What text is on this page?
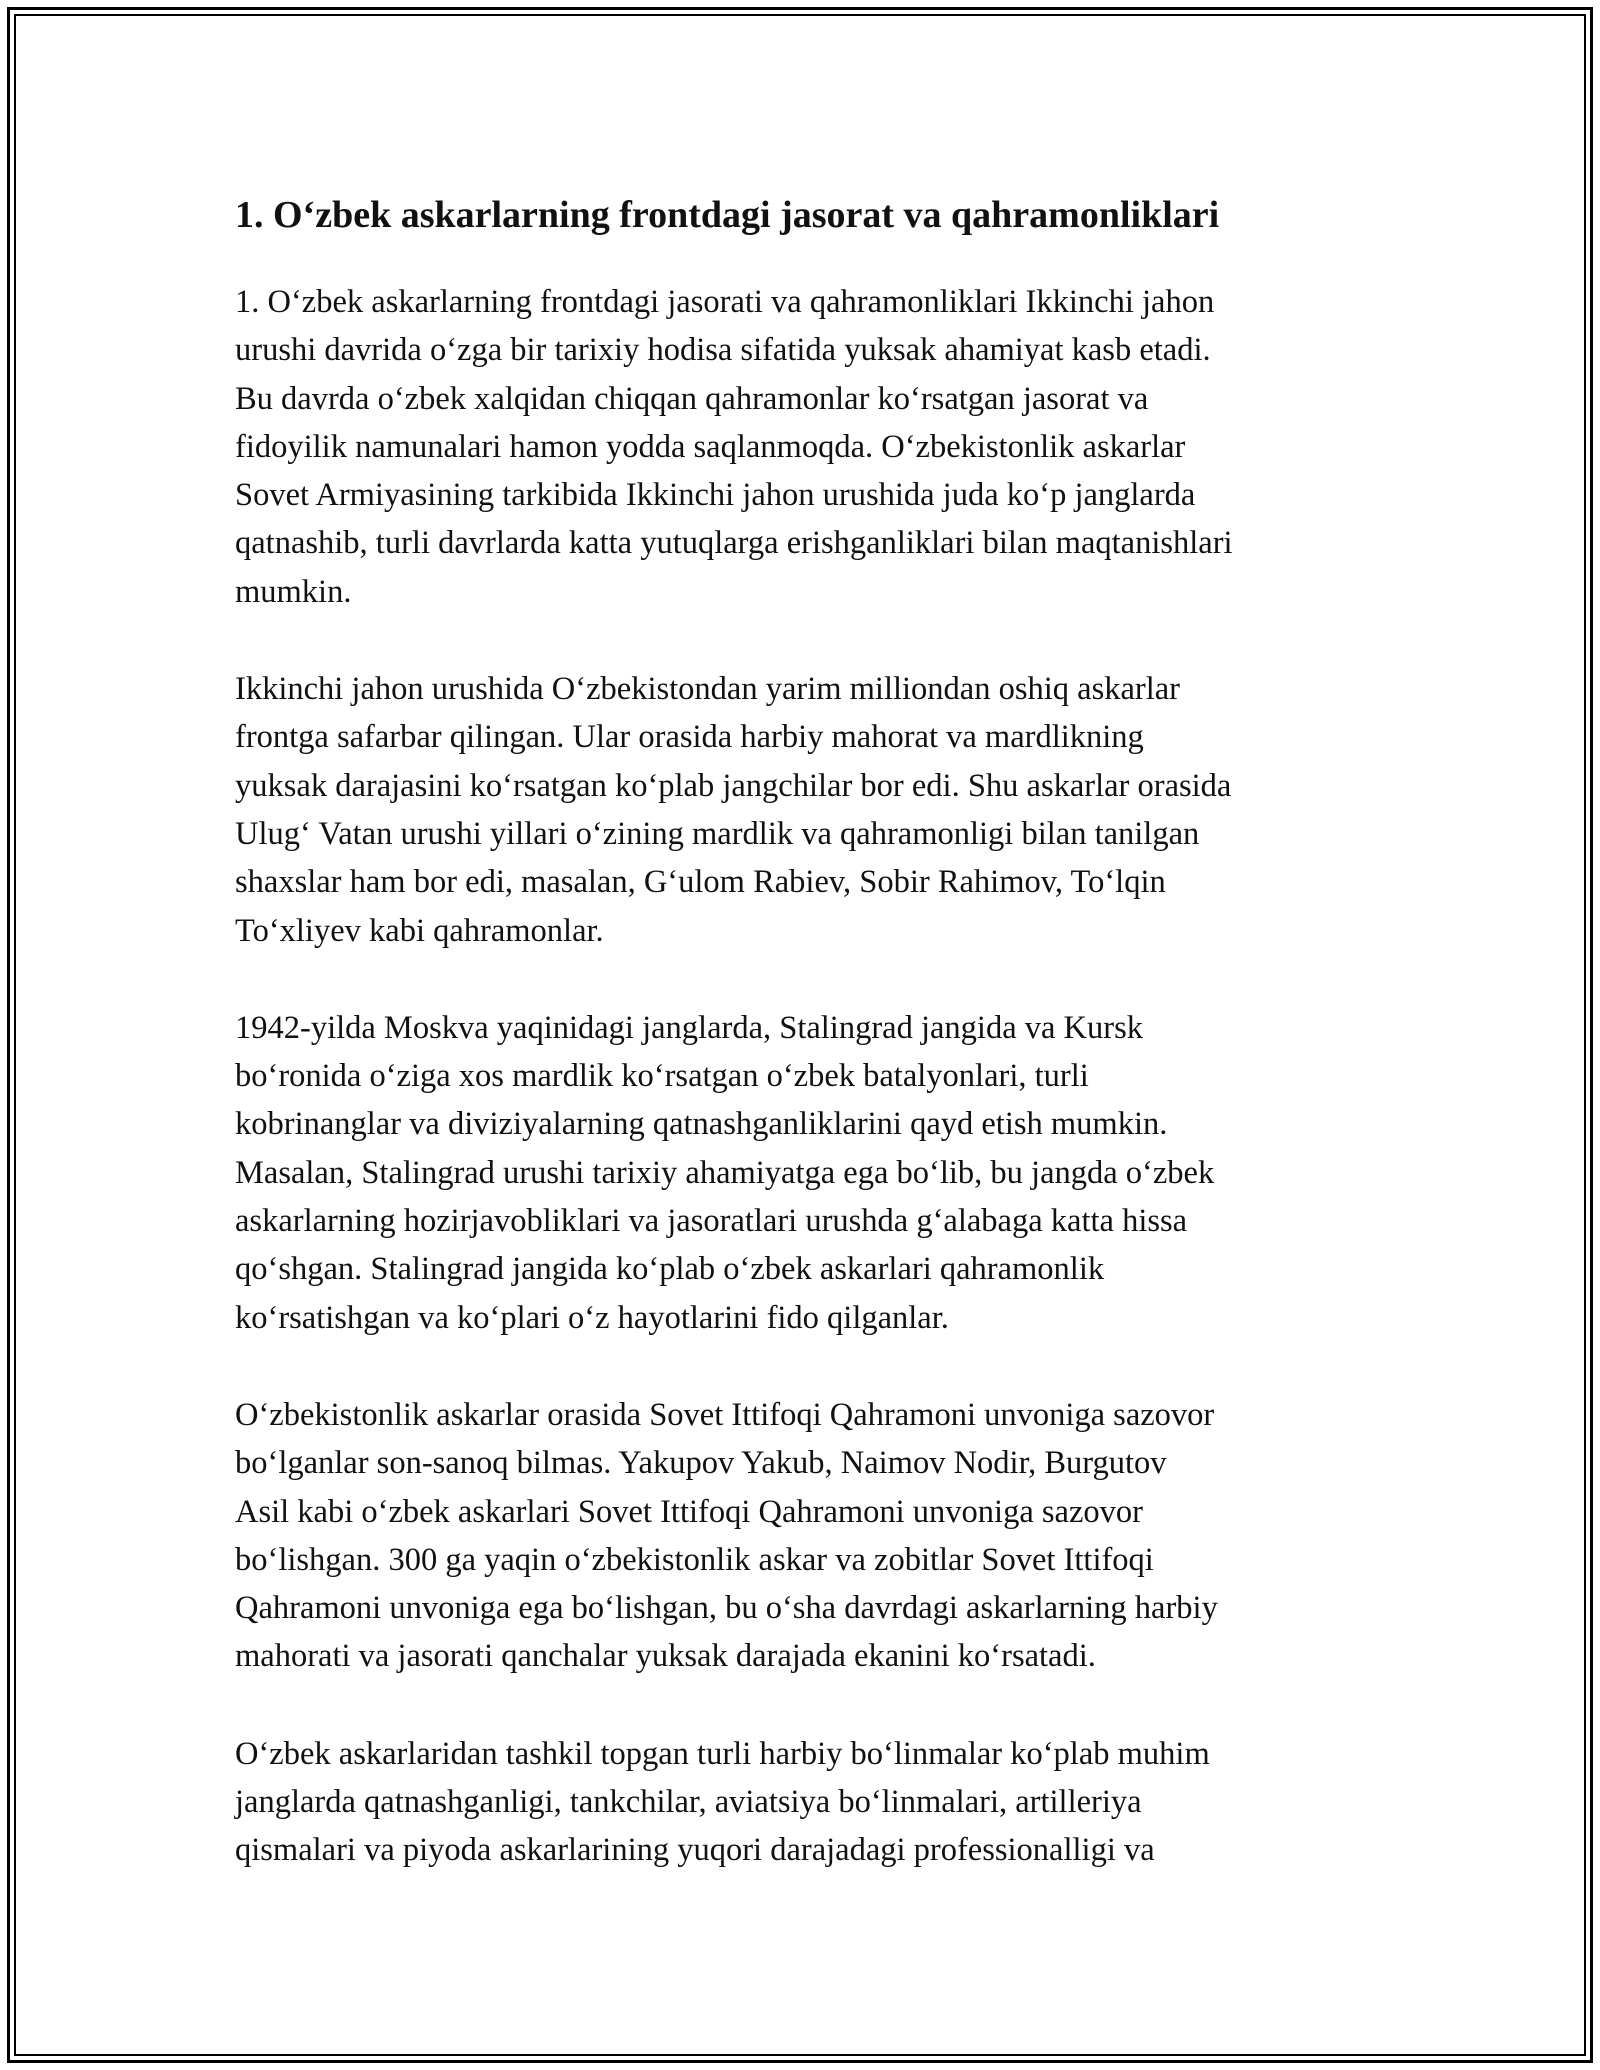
1. O‘zbek askarlarning frontdagi jasorat va qahramonliklari

1. O‘zbek askarlarning frontdagi jasorati va qahramonliklari Ikkinchi jahon
urushi davrida o‘zga bir tarixiy hodisa sifatida yuksak ahamiyat kasb etadi.
Bu davrda o‘zbek xalqidan chiqqan qahramonlar ko‘rsatgan jasorat va
fidoyilik namunalari hamon yodda saqlanmoqda. O‘zbekistonlik askarlar
Sovet Armiyasining tarkibida Ikkinchi jahon urushida juda ko‘p janglarda
qatnashib, turli davrlarda katta yutuqlarga erishganliklari bilan maqtanishlari
mumkin.

Ikkinchi jahon urushida O‘zbekistondan yarim milliondan oshiq askarlar
frontga safarbar qilingan. Ular orasida harbiy mahorat va mardlikning
yuksak darajasini ko‘rsatgan ko‘plab jangchilar bor edi. Shu askarlar orasida
Ulug‘ Vatan urushi yillari o‘zining mardlik va qahramonligi bilan tanilgan
shaxslar ham bor edi, masalan, G‘ulom Rabiev, Sobir Rahimov, To‘lqin
To‘xliyev kabi qahramonlar.

1942-yilda Moskva yaqinidagi janglarda, Stalingrad jangida va Kursk
bo‘ronida o‘ziga xos mardlik ko‘rsatgan o‘zbek batalyonlari, turli
kobrinanglar va diviziyalarning qatnashganliklarini qayd etish mumkin.
Masalan, Stalingrad urushi tarixiy ahamiyatga ega bo‘lib, bu jangda o‘zbek
askarlarning hozirjavobliklari va jasoratlari urushda g‘alabaga katta hissa
qo‘shgan. Stalingrad jangida ko‘plab o‘zbek askarlari qahramonlik
ko‘rsatishgan va ko‘plari o‘z hayotlarini fido qilganlar.

O‘zbekistonlik askarlar orasida Sovet Ittifoqi Qahramoni unvoniga sazovor
bo‘lganlar son-sanoq bilmas. Yakupov Yakub, Naimov Nodir, Burgutov
Asil kabi o‘zbek askarlari Sovet Ittifoqi Qahramoni unvoniga sazovor
bo‘lishgan. 300 ga yaqin o‘zbekistonlik askar va zobitlar Sovet Ittifoqi
Qahramoni unvoniga ega bo‘lishgan, bu o‘sha davrdagi askarlarning harbiy
mahorati va jasorati qanchalar yuksak darajada ekanini ko‘rsatadi.

O‘zbek askarlaridan tashkil topgan turli harbiy bo‘linmalar ko‘plab muhim
janglarda qatnashganligi, tankchilar, aviatsiya bo‘linmalari, artilleriya
qismalari va piyoda askarlarining yuqori darajadagi professionalligi va
